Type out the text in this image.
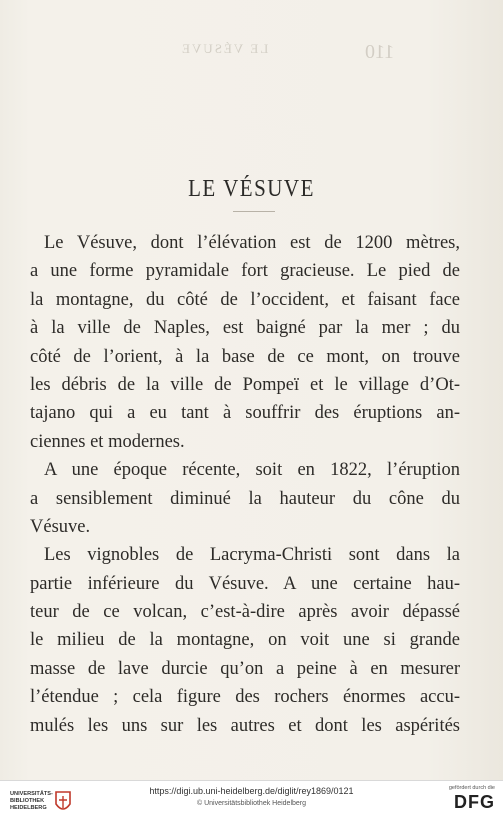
LE VÉSUVE	110
LE VÉSUVE
Le Vésuve, dont l’élévation est de 1200 mètres,
a une forme pyramidale fort gracieuse. Le pied de
la montagne, du côté de l’occident, et faisant face
à la ville de Naples, est baigné par la mer ; du
côté de l’orient, à la base de ce mont, on trouve
les débris de la ville de Pompeï et le village d’Ot-
tajano qui a eu tant à souffrir des éruptions an-
ciennes et modernes.
A une époque récente, soit en 1822, l’éruption
a sensiblement diminué la hauteur du cône du
Vésuve.
Les vignobles de Lacryma-Christi sont dans la
partie inférieure du Vésuve. A une certaine hau-
teur de ce volcan, c’est-à-dire après avoir dépassé
le milieu de la montagne, on voit une si grande
masse de lave durcie qu’on a peine à en mesurer
l’étendue ; cela figure des rochers énormes accu-
mulés les uns sur les autres et dont les aspérités
UNIVERSITÄTS-
BIBLIOTHEK
HEIDELBERG
https://digi.ub.uni-heidelberg.de/diglit/rey1869/0121
© Universitätsbibliothek Heidelberg
gefördert durch die
DFG
